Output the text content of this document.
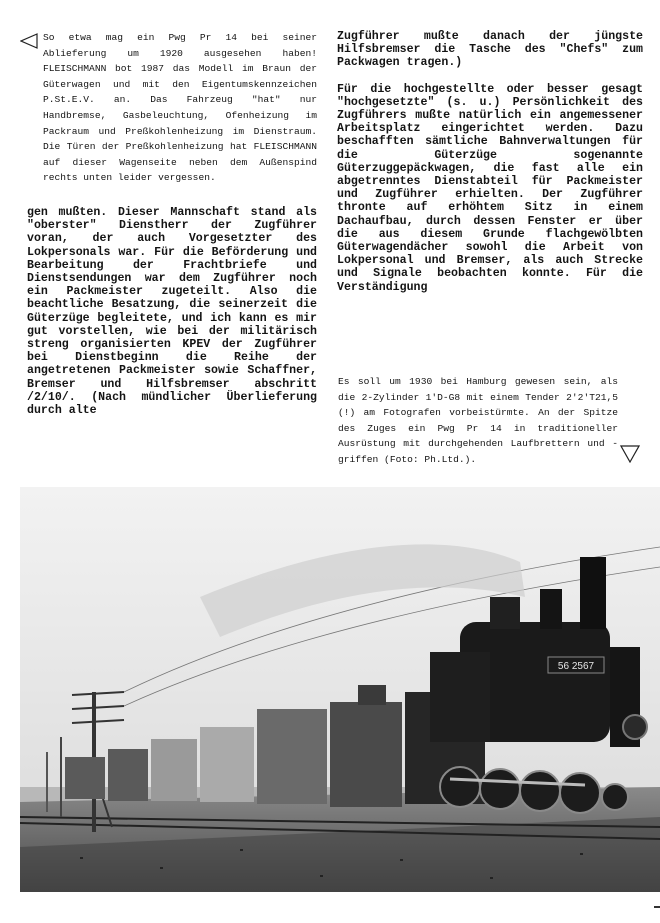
So etwa mag ein Pwg Pr 14 bei seiner Ablieferung um 1920 ausgesehen haben! FLEISCHMANN bot 1987 das Modell im Braun der Güterwagen und mit den Eigentumskennzeichen P.St.E.V. an. Das Fahrzeug "hat" nur Handbremse, Gasbeleuchtung, Ofenheizung im Packraum und Preßkohlenheizung im Dienstraum. Die Türen der Preßkohlenheizung hat FLEISCHMANN auf dieser Wagenseite neben dem Außenspind rechts unten leider vergessen.

gen mußten. Dieser Mannschaft stand als "oberster" Dienstherr der Zugführer voran, der auch Vorgesetzter des Lokpersonals war. Für die Beförderung und Bearbeitung der Frachtbriefe und Dienstsendungen war dem Zugführer noch ein Packmeister zugeteilt. Also die beachtliche Besatzung, die seinerzeit die Güterzüge begleitete, und ich kann es mir gut vorstellen, wie bei der militärisch streng organisierten KPEV der Zugführer bei Dienstbeginn die Reihe der angetretenen Packmeister sowie Schaffner, Bremser und Hilfsbremser abschritt /2/10/. (Nach mündlicher Überlieferung durch alte

Zugführer mußte danach der jüngste Hilfsbremser die Tasche des "Chefs" zum Packwagen tragen.)

Für die hochgestellte oder besser gesagt "hochgesetzte" (s. u.) Persönlichkeit des Zugführers mußte natürlich ein angemessener Arbeitsplatz eingerichtet werden. Dazu beschafften sämtliche Bahnverwaltungen für die Güterzüge sogenannte Güterzuggepäckwagen, die fast alle ein abgetrenntes Dienstabteil für Packmeister und Zugführer erhielten. Der Zugführer thronte auf erhöhtem Sitz in einem Dachaufbau, durch dessen Fenster er über die aus diesem Grunde flachgewölbten Güterwagendächer sowohl die Arbeit von Lokpersonal und Bremser, als auch Strecke und Signale beobachten konnte. Für die Verständigung

Es soll um 1930 bei Hamburg gewesen sein, als die 2-Zylinder 1'D-G8 mit einem Tender 2'2'T21,5 (!) am Fotografen vorbeistürmte. An der Spitze des Zuges ein Pwg Pr 14 in traditioneller Ausrüstung mit durchgehenden Laufbrettern und -griffen (Foto: Ph.Ltd.).

56 2567
